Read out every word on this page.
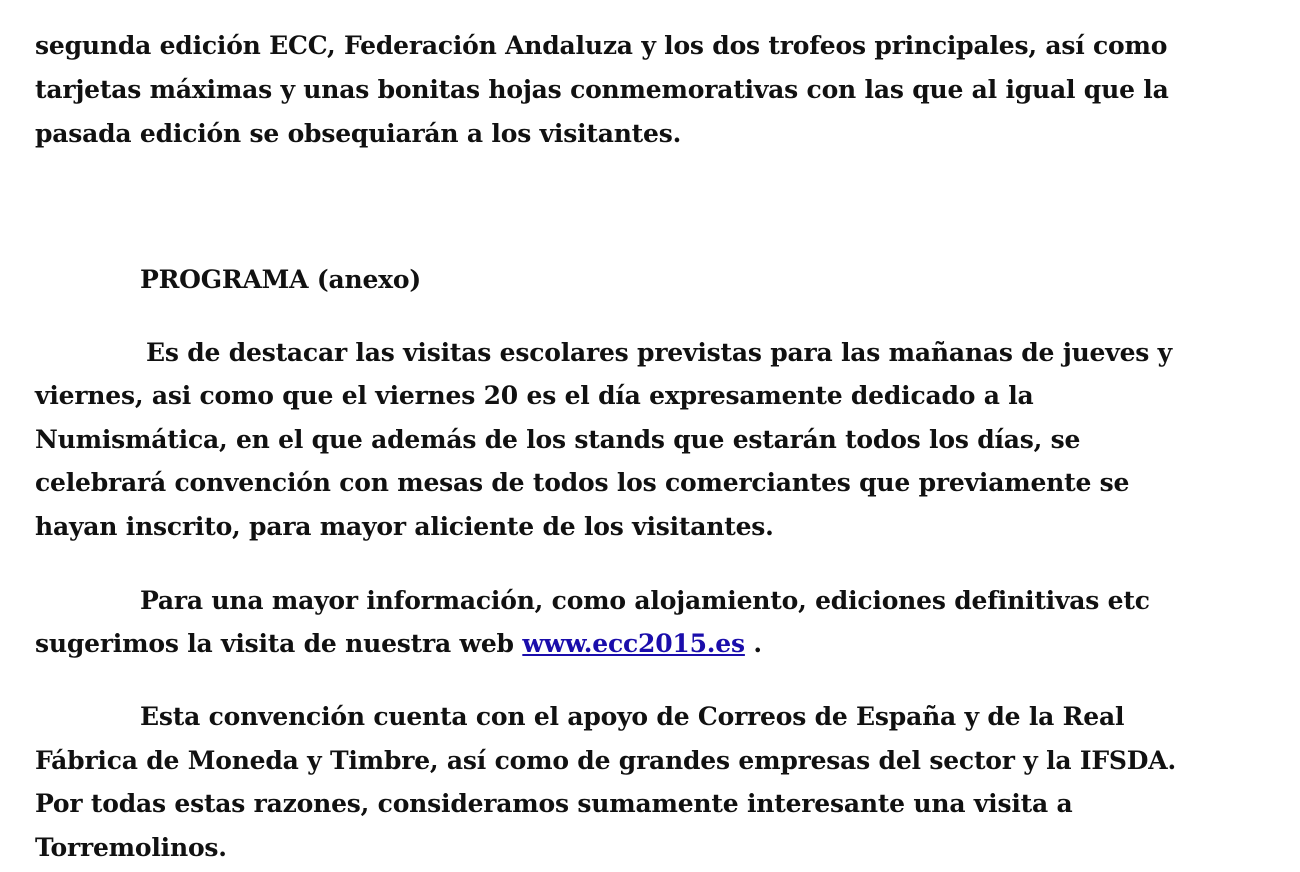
segunda edición ECC, Federación Andaluza y los dos trofeos principales, así como
tarjetas máximas y unas bonitas hojas conmemorativas con las que al igual que la
pasada edición se obsequiarán a los visitantes.
PROGRAMA (anexo)
Es de destacar las visitas escolares previstas para las mañanas de jueves y
viernes, asi como que el viernes 20 es el día expresamente dedicado a la
Numismática, en el que además de los stands que estarán todos los días, se
celebrará convención con mesas de todos los comerciantes que previamente se
hayan inscrito, para mayor aliciente de los visitantes.
Para una mayor información, como alojamiento, ediciones definitivas etc
sugerimos la visita de nuestra web www.ecc2015.es .
Esta convención cuenta con el apoyo de Correos de España y de la Real
Fábrica de Moneda y Timbre, así como de grandes empresas del sector y la IFSDA.
Por todas estas razones, consideramos sumamente interesante una visita a
Torremolinos.
